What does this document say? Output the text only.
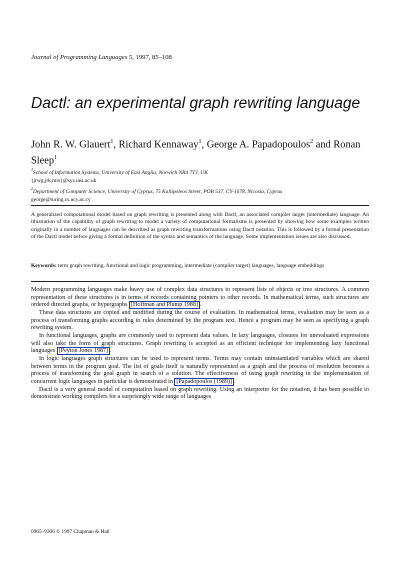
Journal of Programming Languages 5, 1997, 85–108
Dactl: an experimental graph rewriting language
John R. W. Glauert$^1$, Richard Kennaway$^1$, George A. Papadopoulos$^2$ and Ronan Sleep$^1$
$^1$School of Information Systems, University of East Anglia, Norwich NR4 7TJ, UK
{jrwg,jrk,mrs}@sys.uea.ac.uk
$^2$Department of Computer Science, University of Cyprus, 75 Kallipoleos Street, POB 537, CY-1678, Nicosia, Cyprus
george@turing.cs.ucy.ac.cy
A generalized computational model based on graph rewriting is presented along with Dactl, an associated compiler target (intermediate) language. An illustration of the capability of graph rewriting to model a variety of computational formalisms is presented by showing how some examples written originally in a number of languages can be described as graph rewriting transformations using Dactl notation. This is followed by a formal presentation of the Dactl model before giving a formal definition of the syntax and semantics of the language. Some implementation issues are also discussed.
Keywords: term graph rewriting, functional and logic programming, intermediate (compiler target) languages, language embeddings

Modern programming languages make heavy use of complex data structures to represent lists of objects or tree structures. A common representation of these structures is in terms of records containing pointers to other records. In mathematical terms, such structures are ordered directed graphs, or hypergraphs [Hoffman and Plump 1988] .

These data structures are copied and modified during the course of evaluation. In mathematical terms, evaluation may be seen as a process of transforming graphs according to rules determined by the program text. Hence a program may be seen as specifying a graph rewriting system.

In functional languages, graphs are commonly used to represent data values. In lazy languages, closures for unevaluated expressions will also take the form of graph structures. Graph rewriting is accepted as an efficient technique for implementing lazy functional languages [Peyton Jones 1987] .

In logic languages graph structures can be used to represent terms. Terms may contain uninstantiated variables which are shared between terms in the program goal. The list of goals itself is naturally represented as a graph and the process of resolution becomes a process of transforming the goal graph in search of a solution. The effectiveness of using graph rewriting in the implementation of concurrent logic languages in particular is demonstrated in [Papadopoulos (1989)] .

Dactl is a very general model of computation based on graph rewriting. Using an interpreter for the notation, it has been possible to demonstrate working compilers for a surprisingly wide range of languages

0965–9306 © 1997 Chapman & Hall
